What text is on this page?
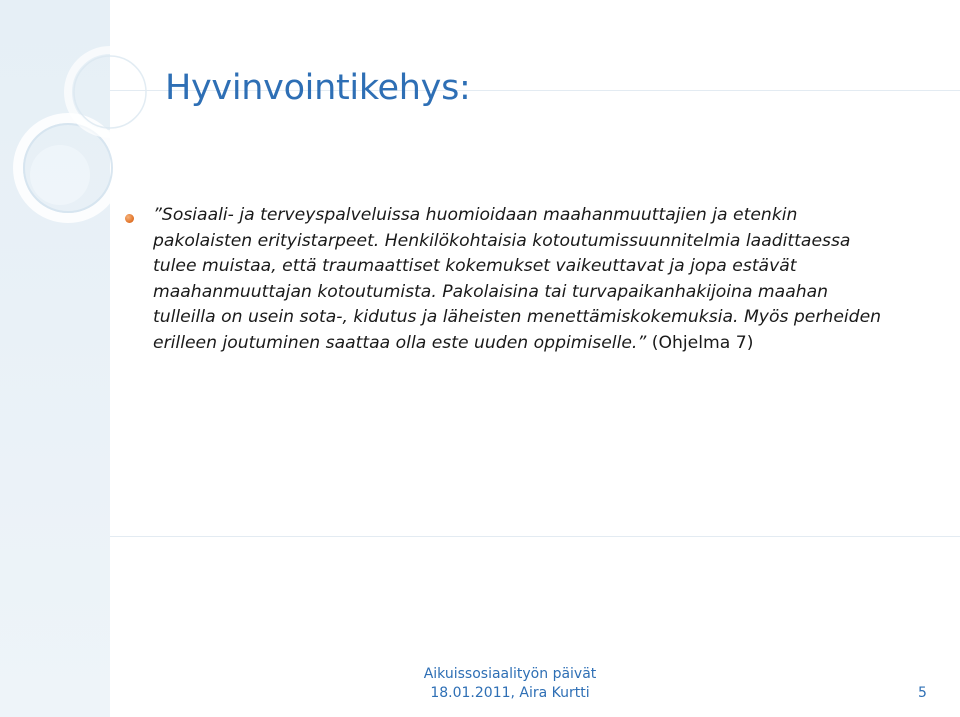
Hyvinvointikehys:

”Sosiaali- ja terveyspalveluissa huomioidaan maahanmuuttajien ja etenkin pakolaisten erityistarpeet. Henkilökohtaisia kotoutumissuunnitelmia laadittaessa tulee muistaa, että traumaattiset kokemukset vaikeuttavat ja jopa estävät maahanmuuttajan kotoutumista. Pakolaisina tai turvapaikanhakijoina maahan tulleilla on usein sota-, kidutus ja läheisten menettämiskokemuksia. Myös perheiden erilleen joutuminen saattaa olla este uuden oppimiselle.” (Ohjelma 7)

Aikuissosiaalityön päivät
18.01.2011, Aira Kurtti	5
